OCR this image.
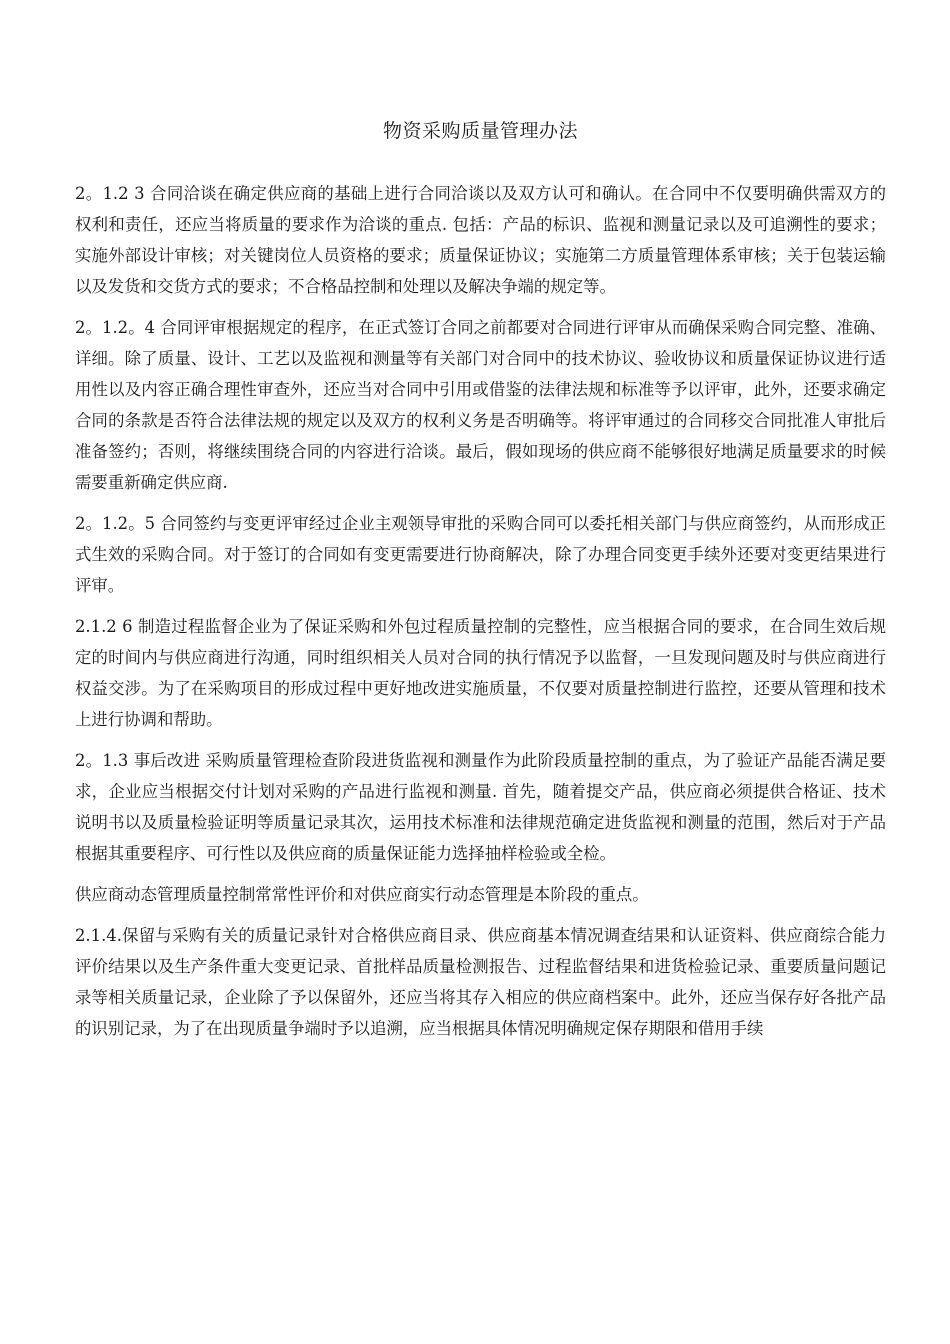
物资采购质量管理办法

2。1.2 3 合同洽谈在确定供应商的基础上进行合同洽谈以及双方认可和确认。在合同中不仅要明确供需双方的权利和责任，还应当将质量的要求作为洽谈的重点. 包括：产品的标识、监视和测量记录以及可追溯性的要求；实施外部设计审核；对关键岗位人员资格的要求；质量保证协议；实施第二方质量管理体系审核；关于包装运输以及发货和交货方式的要求；不合格品控制和处理以及解决争端的规定等。

2。1.2。4 合同评审根据规定的程序，在正式签订合同之前都要对合同进行评审从而确保采购合同完整、准确、详细。除了质量、设计、工艺以及监视和测量等有关部门对合同中的技术协议、验收协议和质量保证协议进行适用性以及内容正确合理性审查外，还应当对合同中引用或借鉴的法律法规和标准等予以评审，此外，还要求确定合同的条款是否符合法律法规的规定以及双方的权利义务是否明确等。将评审通过的合同移交合同批准人审批后准备签约；否则，将继续围绕合同的内容进行洽谈。最后，假如现场的供应商不能够很好地满足质量要求的时候需要重新确定供应商.

2。1.2。5 合同签约与变更评审经过企业主观领导审批的采购合同可以委托相关部门与供应商签约，从而形成正式生效的采购合同。对于签订的合同如有变更需要进行协商解决，除了办理合同变更手续外还要对变更结果进行评审。

2.1.2 6 制造过程监督企业为了保证采购和外包过程质量控制的完整性，应当根据合同的要求，在合同生效后规定的时间内与供应商进行沟通，同时组织相关人员对合同的执行情况予以监督，一旦发现问题及时与供应商进行权益交涉。为了在采购项目的形成过程中更好地改进实施质量，不仅要对质量控制进行监控，还要从管理和技术上进行协调和帮助。

2。1.3 事后改进 采购质量管理检查阶段进货监视和测量作为此阶段质量控制的重点，为了验证产品能否满足要求，企业应当根据交付计划对采购的产品进行监视和测量. 首先，随着提交产品，供应商必须提供合格证、技术说明书以及质量检验证明等质量记录其次，运用技术标准和法律规范确定进货监视和测量的范围，然后对于产品根据其重要程序、可行性以及供应商的质量保证能力选择抽样检验或全检。

供应商动态管理质量控制常常性评价和对供应商实行动态管理是本阶段的重点。

2.1.4.保留与采购有关的质量记录针对合格供应商目录、供应商基本情况调查结果和认证资料、供应商综合能力评价结果以及生产条件重大变更记录、首批样品质量检测报告、过程监督结果和进货检验记录、重要质量问题记录等相关质量记录，企业除了予以保留外，还应当将其存入相应的供应商档案中。此外，还应当保存好各批产品的识别记录，为了在出现质量争端时予以追溯，应当根据具体情况明确规定保存期限和借用手续
